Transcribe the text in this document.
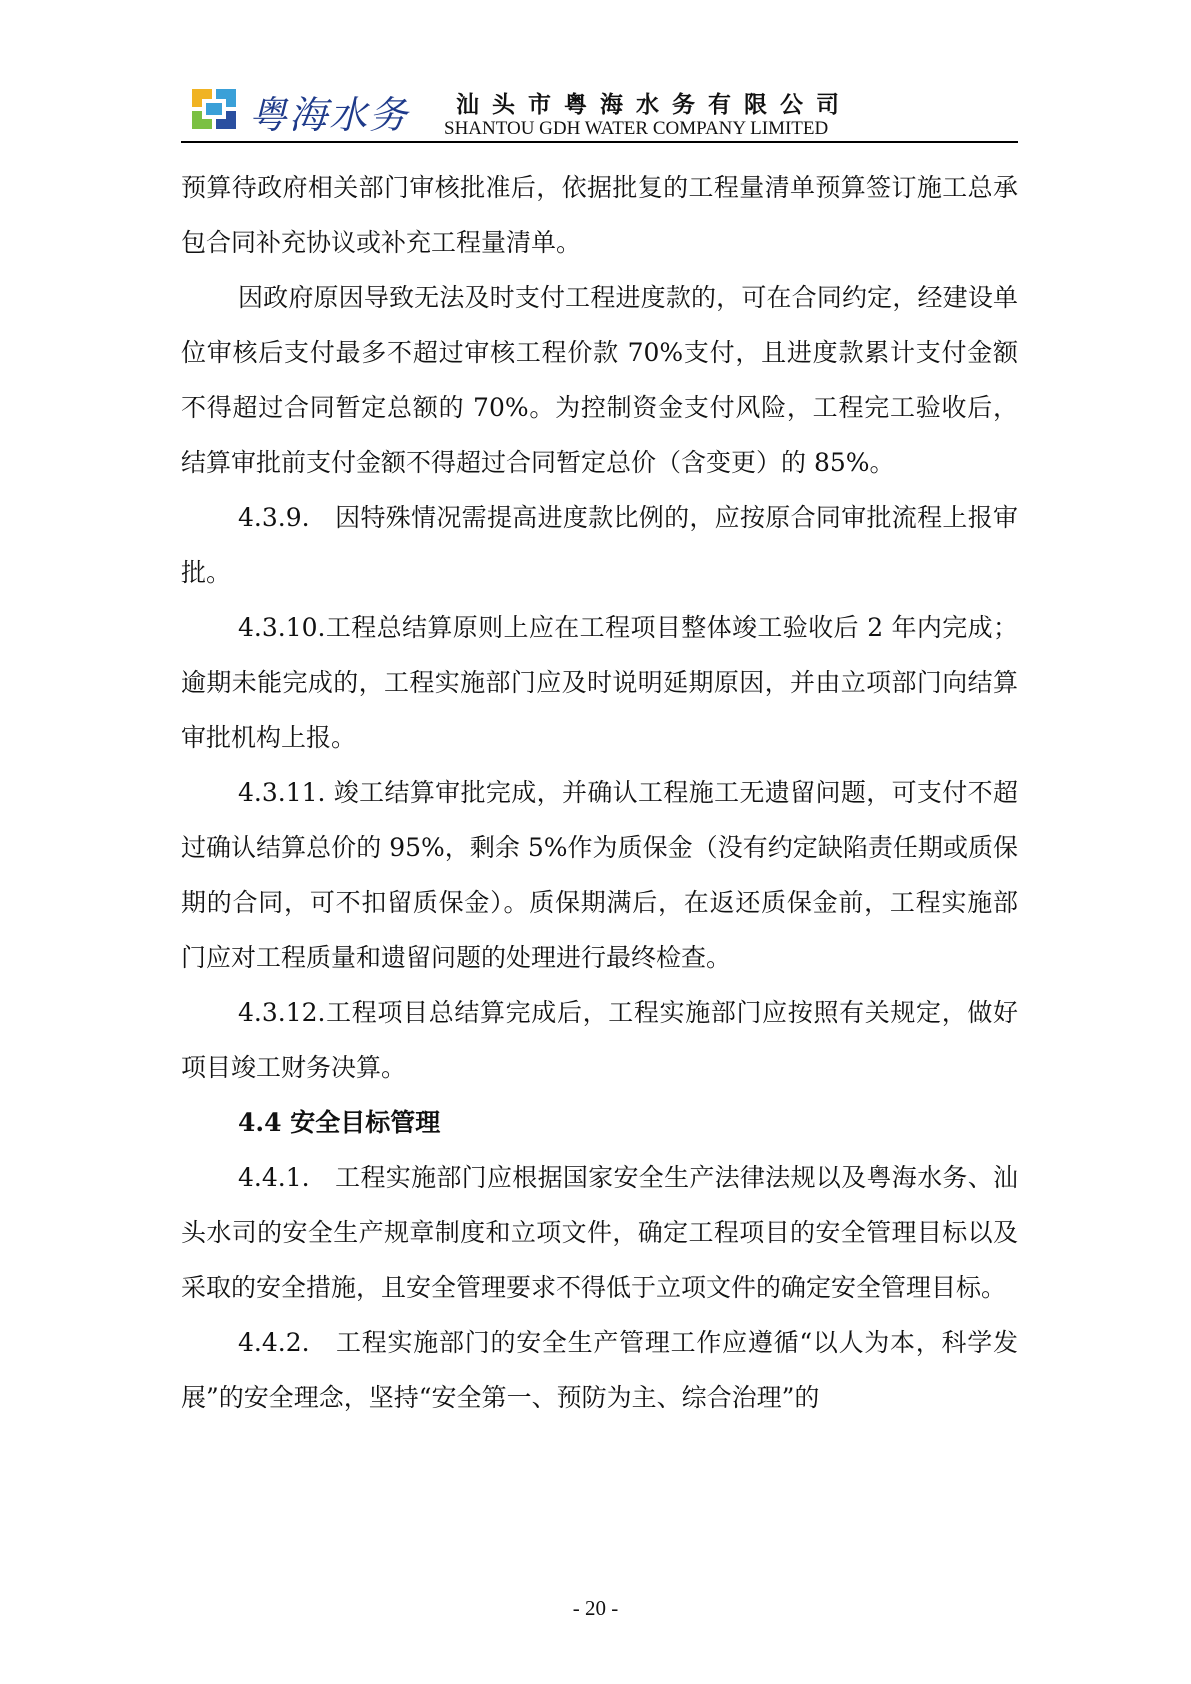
粤海水务 汕头市粤海水务有限公司
SHANTOU GDH WATER COMPANY LIMITED

预算待政府相关部门审核批准后，依据批复的工程量清单预算签订施工总承包合同补充协议或补充工程量清单。

因政府原因导致无法及时支付工程进度款的，可在合同约定，经建设单位审核后支付最多不超过审核工程价款 70%支付，且进度款累计支付金额不得超过合同暂定总额的 70%。为控制资金支付风险，工程完工验收后，结算审批前支付金额不得超过合同暂定总价（含变更）的 85%。

4.3.9.　因特殊情况需提高进度款比例的，应按原合同审批流程上报审批。

4.3.10.工程总结算原则上应在工程项目整体竣工验收后 2 年内完成；逾期未能完成的，工程实施部门应及时说明延期原因，并由立项部门向结算审批机构上报。

4.3.11. 竣工结算审批完成，并确认工程施工无遗留问题，可支付不超过确认结算总价的 95%，剩余 5%作为质保金（没有约定缺陷责任期或质保期的合同，可不扣留质保金）。质保期满后，在返还质保金前，工程实施部门应对工程质量和遗留问题的处理进行最终检查。

4.3.12.工程项目总结算完成后，工程实施部门应按照有关规定，做好项目竣工财务决算。

4.4 安全目标管理

4.4.1.　工程实施部门应根据国家安全生产法律法规以及粤海水务、汕头水司的安全生产规章制度和立项文件，确定工程项目的安全管理目标以及采取的安全措施，且安全管理要求不得低于立项文件的确定安全管理目标。

4.4.2.　工程实施部门的安全生产管理工作应遵循“以人为本，科学发展”的安全理念，坚持“安全第一、预防为主、综合治理”的

- 20 -
